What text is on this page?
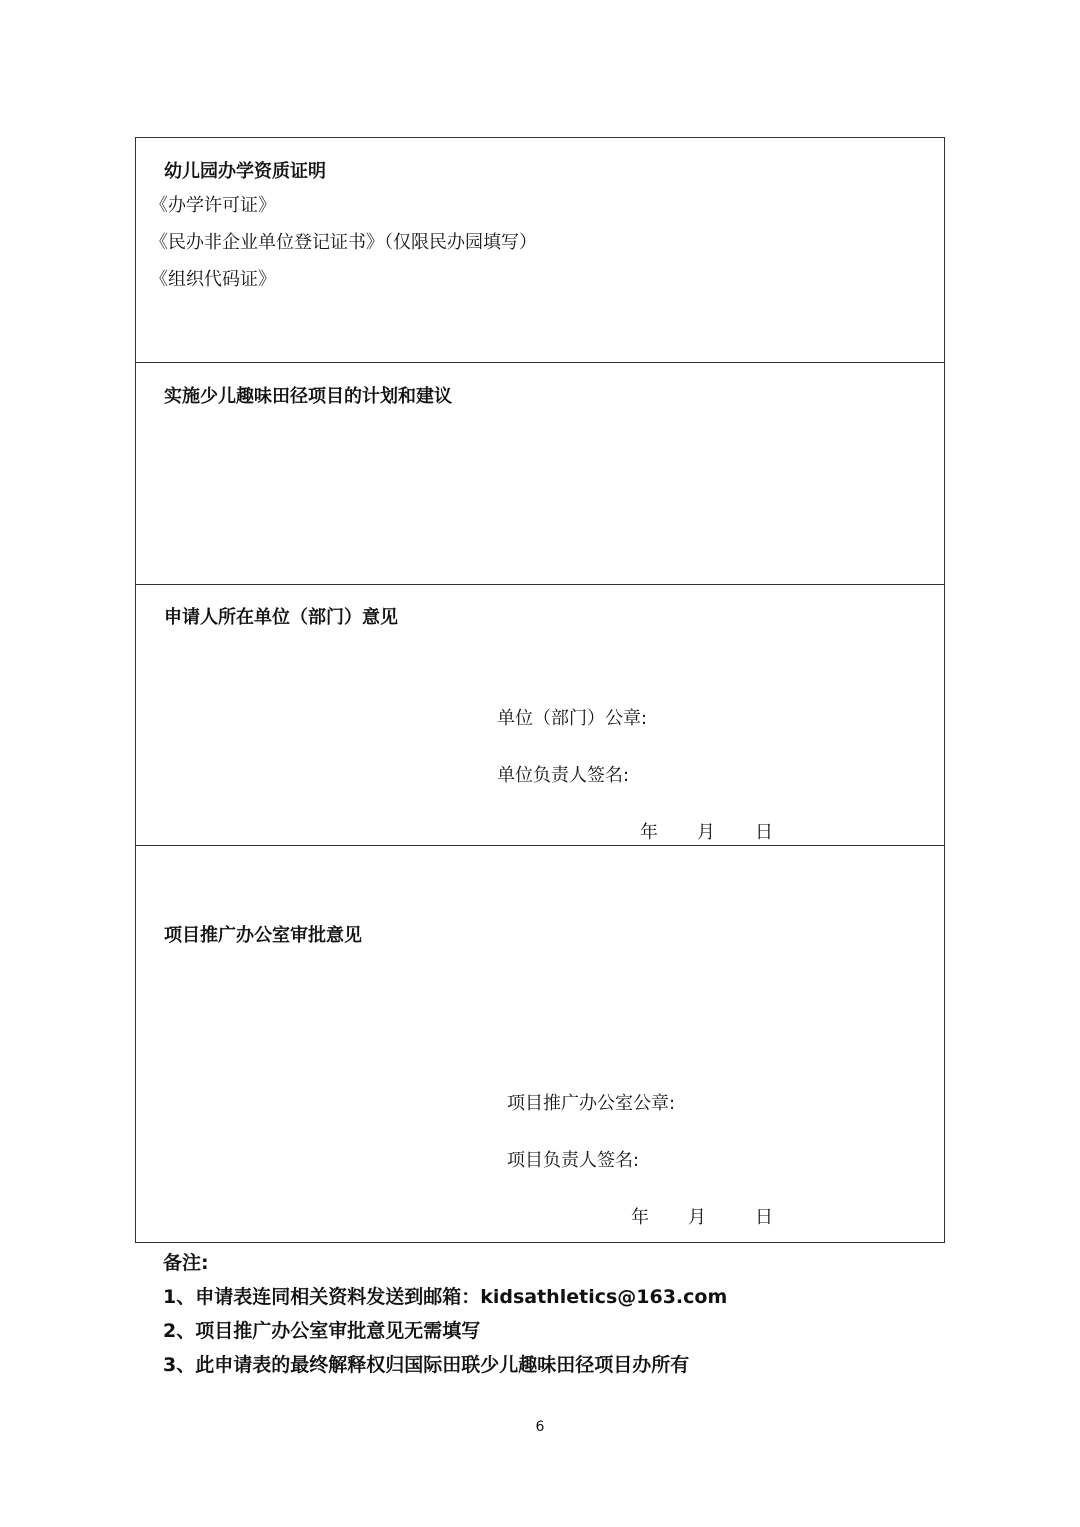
幼儿园办学资质证明
《办学许可证》
《民办非企业单位登记证书》（仅限民办园填写）
《组织代码证》
实施少儿趣味田径项目的计划和建议
申请人所在单位（部门）意见
单位（部门）公章:
单位负责人签名:
年 月 日
项目推广办公室审批意见
项目推广办公室公章:
项目负责人签名:
年 月	日
备注:
1、申请表连同相关资料发送到邮箱：kidsathletics@163.com
2、项目推广办公室审批意见无需填写
3、此申请表的最终解释权归国际田联少儿趣味田径项目办所有
6
